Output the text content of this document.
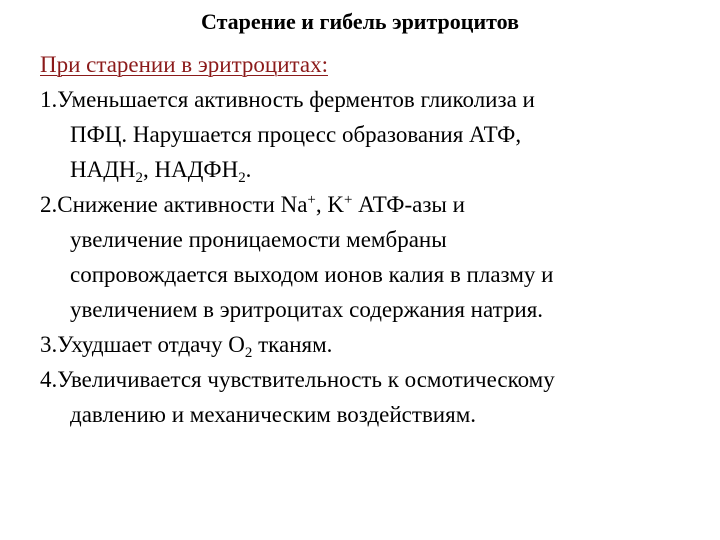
Старение и гибель эритроцитов

При старении в эритроцитах:

1.Уменьшается активность ферментов гликолиза и
ПФЦ. Нарушается процесс образования АТФ,
$НАДН_2$, $НАДФН_2$.

2.Снижение активности Na+, K+ АТФ-азы и
увеличение проницаемости мембраны
сопровождается выходом ионов калия в плазму и
увеличением в эритроцитах содержания натрия.

3.Ухудшает отдачу $O_2$ тканям.

4.Увеличивается чувствительность к осмотическому
давлению и механическим воздействиям.
